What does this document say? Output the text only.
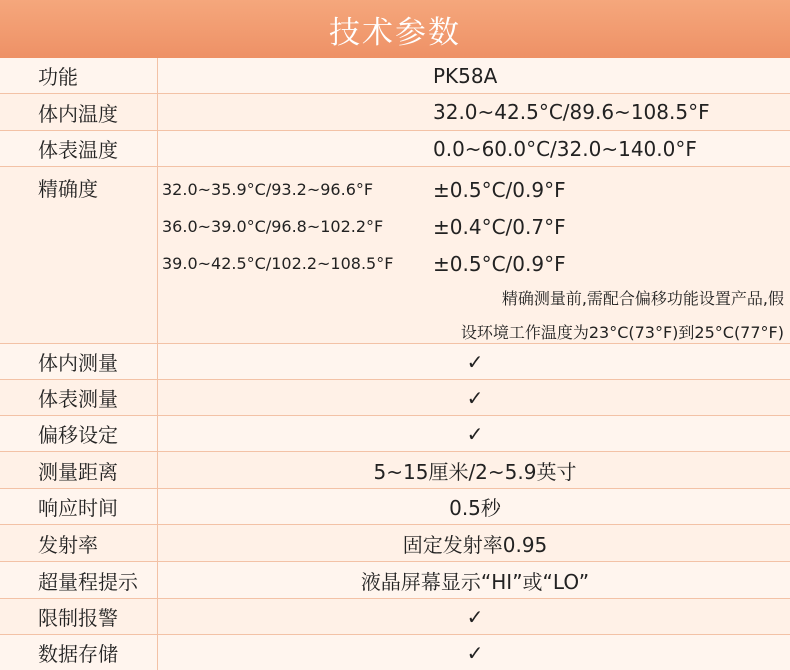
技术参数
功能	PK58A
体内温度	32.0~42.5°C/89.6~108.5°F
体表温度	0.0~60.0°C/32.0~140.0°F
精确度	32.0~35.9°C/93.2~96.6°F	±0.5°C/0.9°F
36.0~39.0°C/96.8~102.2°F	±0.4°C/0.7°F
39.0~42.5°C/102.2~108.5°F	±0.5°C/0.9°F
精确测量前,需配合偏移功能设置产品,假
设环境工作温度为23°C(73°F)到25°C(77°F)
体内测量	✓
体表测量	✓
偏移设定	✓
测量距离	5~15厘米/2~5.9英寸
响应时间	0.5秒
发射率	固定发射率0.95
超量程提示	液晶屏幕显示“HI”或“LO”
限制报警	✓
数据存储	✓
